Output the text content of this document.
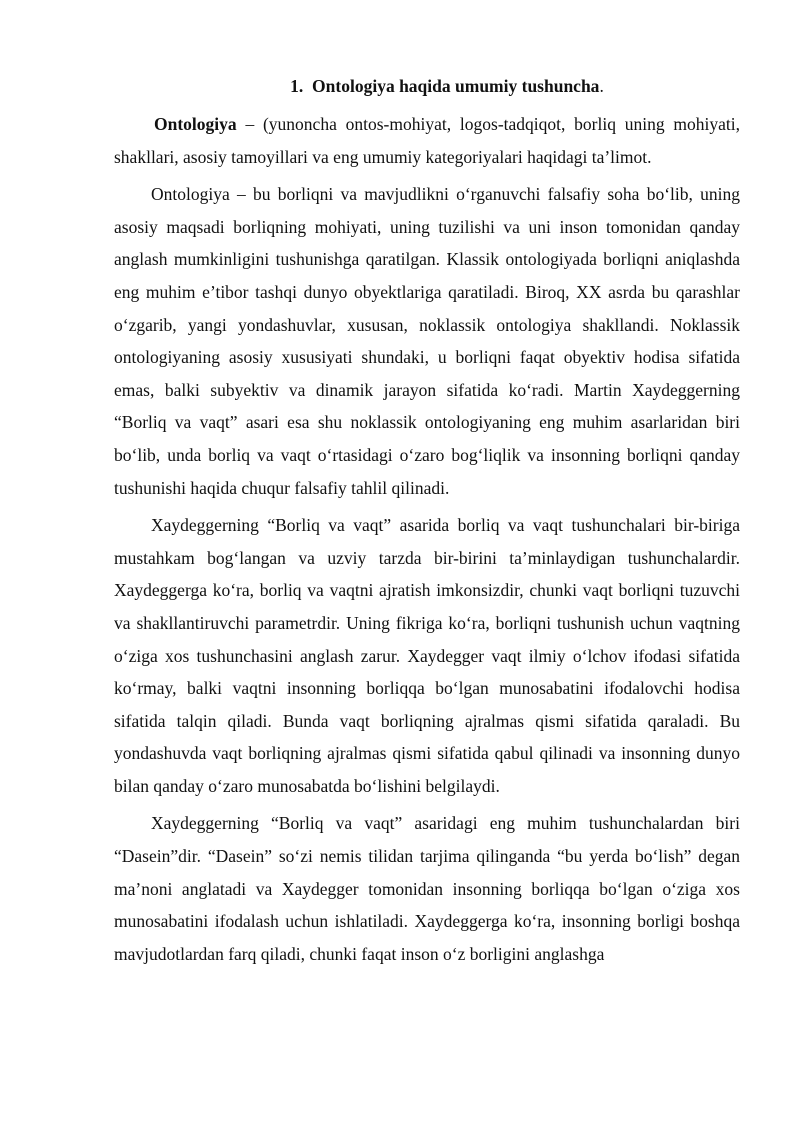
1. Ontologiya haqida umumiy tushuncha.

Ontologiya – (yunoncha ontos-mohiyat, logos-tadqiqot, borliq uning mohiyati, shakllari, asosiy tamoyillari va eng umumiy kategoriyalari haqidagi ta’limot.

Ontologiya – bu borliqni va mavjudlikni o‘rganuvchi falsafiy soha bo‘lib, uning asosiy maqsadi borliqning mohiyati, uning tuzilishi va uni inson tomonidan qanday anglash mumkinligini tushunishga qaratilgan. Klassik ontologiyada borliqni aniqlashda eng muhim e’tibor tashqi dunyo obyektlariga qaratiladi. Biroq, XX asrda bu qarashlar o‘zgarib, yangi yondashuvlar, xususan, noklassik ontologiya shakllandi. Noklassik ontologiyaning asosiy xususiyati shundaki, u borliqni faqat obyektiv hodisa sifatida emas, balki subyektiv va dinamik jarayon sifatida ko‘radi. Martin Xaydeggerning “Borliq va vaqt” asari esa shu noklassik ontologiyaning eng muhim asarlaridan biri bo‘lib, unda borliq va vaqt o‘rtasidagi o‘zaro bog‘liqlik va insonning borliqni qanday tushunishi haqida chuqur falsafiy tahlil qilinadi.

Xaydeggerning “Borliq va vaqt” asarida borliq va vaqt tushunchalari bir-biriga mustahkam bog‘langan va uzviy tarzda bir-birini ta’minlaydigan tushunchalardir. Xaydeggerga ko‘ra, borliq va vaqtni ajratish imkonsizdir, chunki vaqt borliqni tuzuvchi va shakllantiruvchi parametrdir. Uning fikriga ko‘ra, borliqni tushunish uchun vaqtning o‘ziga xos tushunchasini anglash zarur. Xaydegger vaqt ilmiy o‘lchov ifodasi sifatida ko‘rmay, balki vaqtni insonning borliqqa bo‘lgan munosabatini ifodalovchi hodisa sifatida talqin qiladi. Bunda vaqt borliqning ajralmas qismi sifatida qaraladi. Bu yondashuvda vaqt borliqning ajralmas qismi sifatida qabul qilinadi va insonning dunyo bilan qanday o‘zaro munosabatda bo‘lishini belgilaydi.

Xaydeggerning “Borliq va vaqt” asaridagi eng muhim tushunchalardan biri “Dasein”dir. “Dasein” so‘zi nemis tilidan tarjima qilinganda “bu yerda bo‘lish” degan ma’noni anglatadi va Xaydegger tomonidan insonning borliqqa bo‘lgan o‘ziga xos munosabatini ifodalash uchun ishlatiladi. Xaydeggerga ko‘ra, insonning borligi boshqa mavjudotlardan farq qiladi, chunki faqat inson o‘z borligini anglashga
